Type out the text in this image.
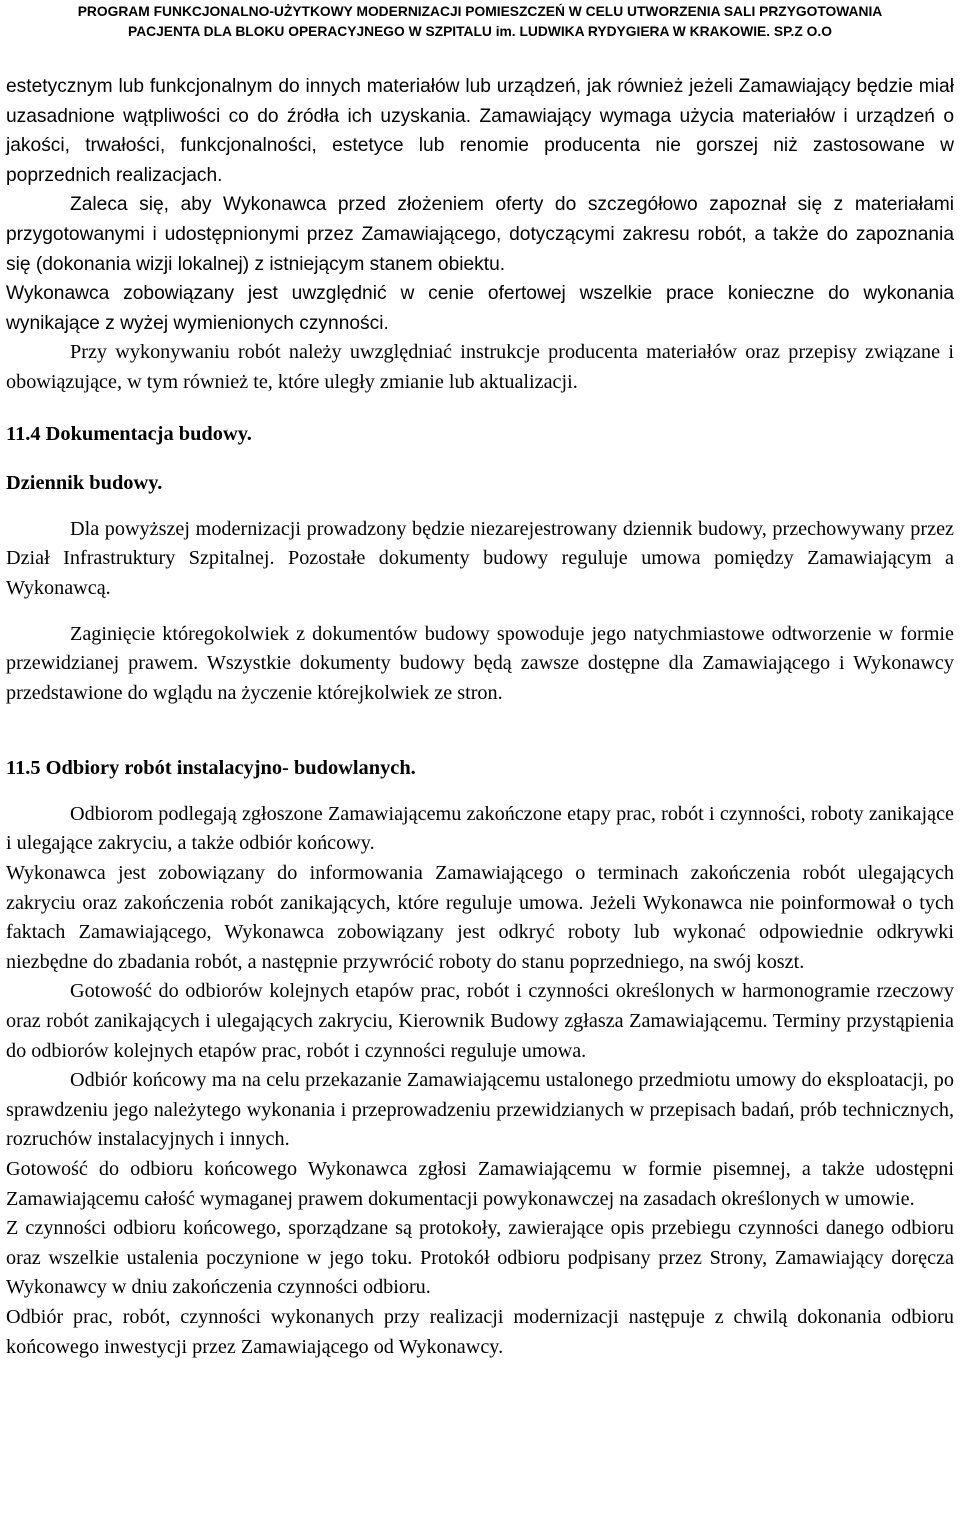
PROGRAM FUNKCJONALNO-UŻYTKOWY MODERNIZACJI POMIESZCZEŃ W CELU UTWORZENIA SALI PRZYGOTOWANIA
PACJENTA DLA BLOKU OPERACYJNEGO W SZPITALU im. LUDWIKA RYDYGIERA W KRAKOWIE. SP.Z O.O

estetycznym lub funkcjonalnym do innych materiałów lub urządzeń, jak również jeżeli Zamawiający będzie miał uzasadnione wątpliwości co do źródła ich uzyskania. Zamawiający wymaga użycia materiałów i urządzeń o jakości, trwałości, funkcjonalności, estetyce lub renomie producenta nie gorszej niż zastosowane w poprzednich realizacjach.

Zaleca się, aby Wykonawca przed złożeniem oferty do szczegółowo zapoznał się z materiałami przygotowanymi i udostępnionymi przez Zamawiającego, dotyczącymi zakresu robót, a także do zapoznania się (dokonania wizji lokalnej) z istniejącym stanem obiektu.

Wykonawca zobowiązany jest uwzględnić w cenie ofertowej wszelkie prace konieczne do wykonania wynikające z wyżej wymienionych czynności.

Przy wykonywaniu robót należy uwzględniać instrukcje producenta materiałów oraz przepisy związane i obowiązujące, w tym również te, które uległy zmianie lub aktualizacji.

11.4 Dokumentacja budowy.

Dziennik budowy.

Dla powyższej modernizacji prowadzony będzie niezarejestrowany dziennik budowy, przechowywany przez Dział Infrastruktury Szpitalnej. Pozostałe dokumenty budowy reguluje umowa pomiędzy Zamawiającym a Wykonawcą.

Zaginięcie któregokolwiek z dokumentów budowy spowoduje jego natychmiastowe odtworzenie w formie przewidzianej prawem. Wszystkie dokumenty budowy będą zawsze dostępne dla Zamawiającego i Wykonawcy przedstawione do wglądu na życzenie którejkolwiek ze stron.

11.5 Odbiory robót instalacyjno- budowlanych.

Odbiorom podlegają zgłoszone Zamawiającemu zakończone etapy prac, robót i czynności, roboty zanikające i ulegające zakryciu, a także odbiór końcowy.

Wykonawca jest zobowiązany do informowania Zamawiającego o terminach zakończenia robót ulegających zakryciu oraz zakończenia robót zanikających, które reguluje umowa. Jeżeli Wykonawca nie poinformował o tych faktach Zamawiającego, Wykonawca zobowiązany jest odkryć roboty lub wykonać odpowiednie odkrywki niezbędne do zbadania robót, a następnie przywrócić roboty do stanu poprzedniego, na swój koszt.

Gotowość do odbiorów kolejnych etapów prac, robót i czynności określonych w harmonogramie rzeczowy oraz robót zanikających i ulegających zakryciu, Kierownik Budowy zgłasza Zamawiającemu. Terminy przystąpienia do odbiorów kolejnych etapów prac, robót i czynności reguluje umowa.

Odbiór końcowy ma na celu przekazanie Zamawiającemu ustalonego przedmiotu umowy do eksploatacji, po sprawdzeniu jego należytego wykonania i przeprowadzeniu przewidzianych w przepisach badań, prób technicznych, rozruchów instalacyjnych i innych.

Gotowość do odbioru końcowego Wykonawca zgłosi Zamawiającemu w formie pisemnej, a także udostępni Zamawiającemu całość wymaganej prawem dokumentacji powykonawczej na zasadach określonych w umowie.

Z czynności odbioru końcowego, sporządzane są protokoły, zawierające opis przebiegu czynności danego odbioru oraz wszelkie ustalenia poczynione w jego toku. Protokół odbioru podpisany przez Strony, Zamawiający doręcza Wykonawcy w dniu zakończenia czynności odbioru.

Odbiór prac, robót, czynności wykonanych przy realizacji modernizacji następuje z chwilą dokonania odbioru końcowego inwestycji przez Zamawiającego od Wykonawcy.
